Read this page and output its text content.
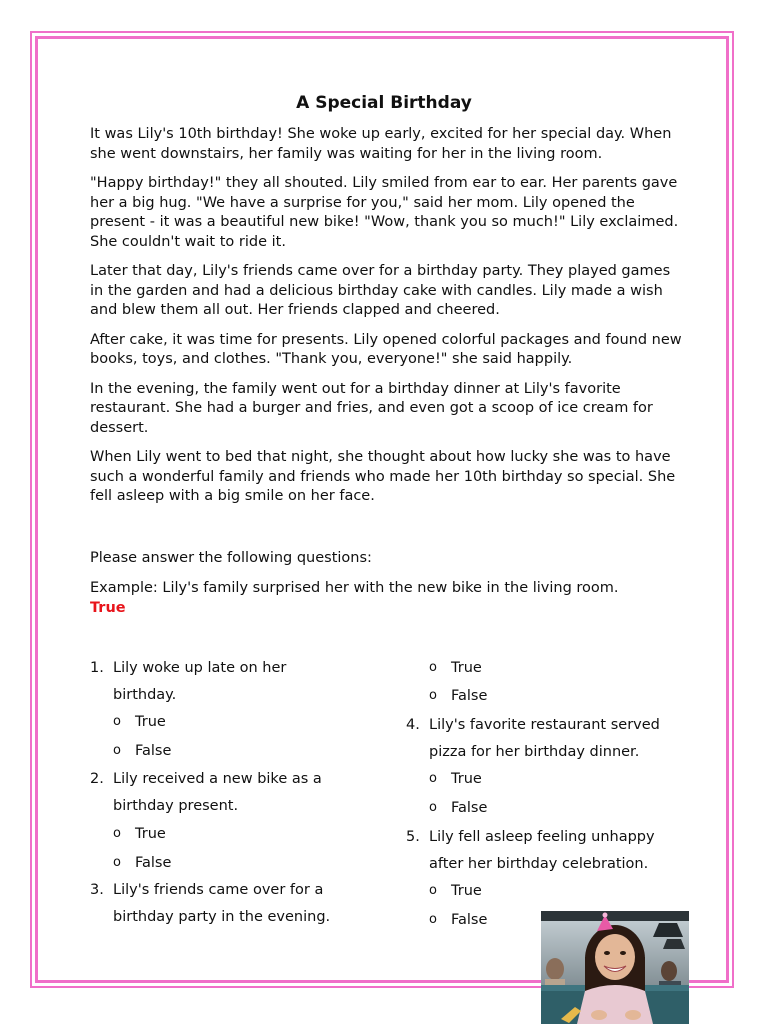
A Special Birthday

It was Lily's 10th birthday! She woke up early, excited for her special day. When she went downstairs, her family was waiting for her in the living room.

"Happy birthday!" they all shouted. Lily smiled from ear to ear. Her parents gave her a big hug. "We have a surprise for you," said her mom. Lily opened the present - it was a beautiful new bike! "Wow, thank you so much!" Lily exclaimed. She couldn't wait to ride it.

Later that day, Lily's friends came over for a birthday party. They played games in the garden and had a delicious birthday cake with candles. Lily made a wish and blew them all out. Her friends clapped and cheered.

After cake, it was time for presents. Lily opened colorful packages and found new books, toys, and clothes. "Thank you, everyone!" she said happily.

In the evening, the family went out for a birthday dinner at Lily's favorite restaurant. She had a burger and fries, and even got a scoop of ice cream for dessert.

When Lily went to bed that night, she thought about how lucky she was to have such a wonderful family and friends who made her 10th birthday so special. She fell asleep with a big smile on her face.

Please answer the following questions:
Example: Lily's family surprised her with the new bike in the living room.
True
1. Lily woke up late on her birthday.
o True
o False
2. Lily received a new bike as a birthday present.
o True
o False
3. Lily's friends came over for a birthday party in the evening.
o True
o False
4. Lily's favorite restaurant served pizza for her birthday dinner.
o True
o False
5. Lily fell asleep feeling unhappy after her birthday celebration.
o True
o False
